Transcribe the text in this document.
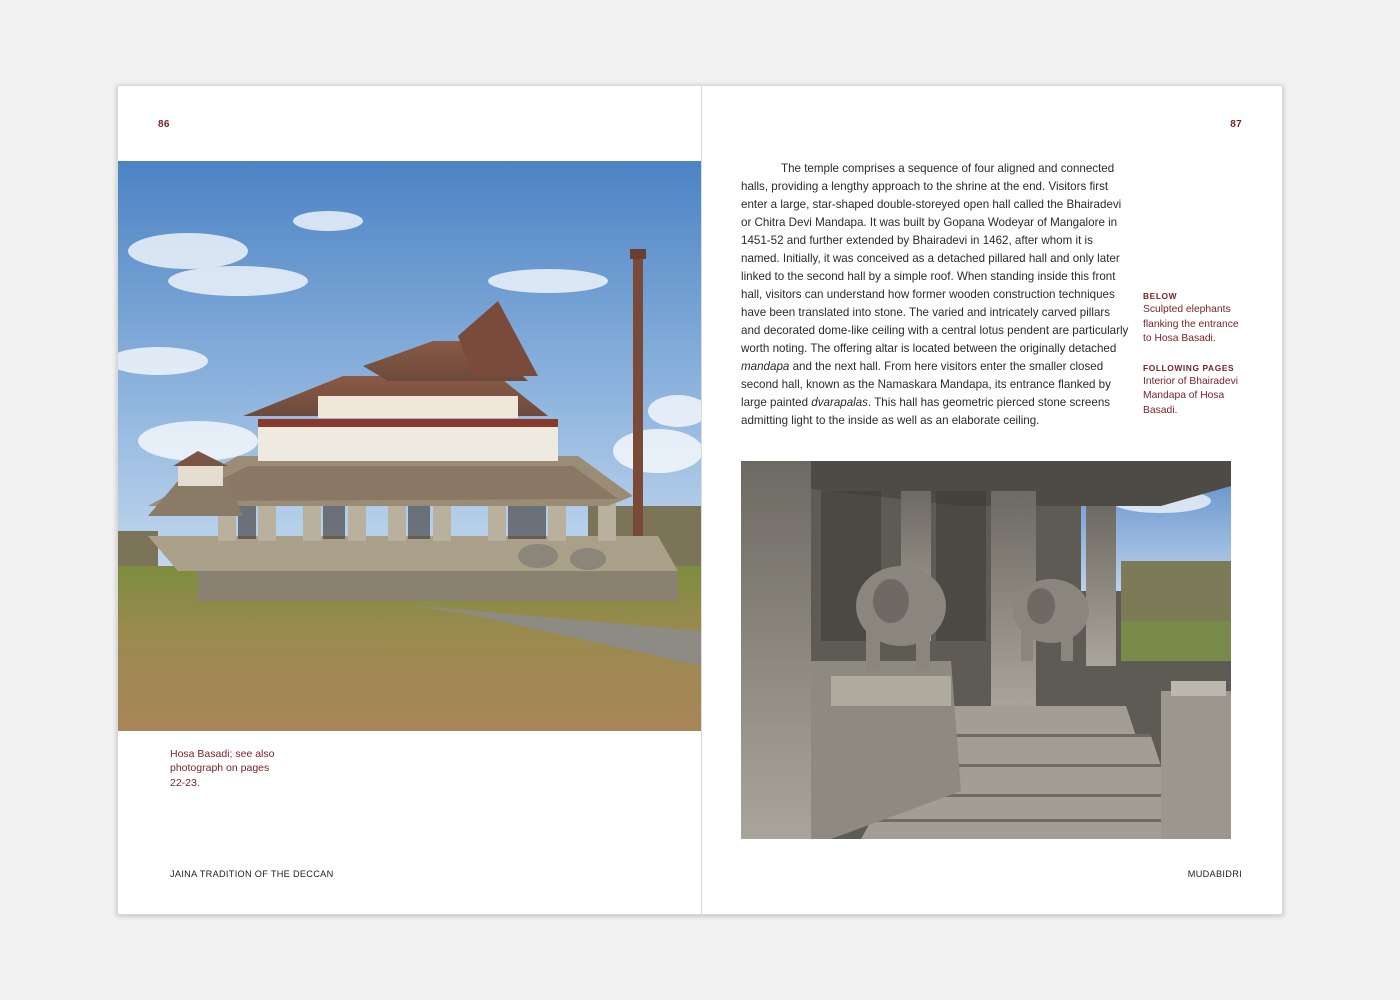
86

Hosa Basadi; see also photograph on pages 22-23.

JAINA TRADITION OF THE DECCAN
87

The temple comprises a sequence of four aligned and connected halls, providing a lengthy approach to the shrine at the end. Visitors first enter a large, star-shaped double-storeyed open hall called the Bhairadevi or Chitra Devi Mandapa. It was built by Gopana Wodeyar of Mangalore in 1451-52 and further extended by Bhairadevi in 1462, after whom it is named. Initially, it was conceived as a detached pillared hall and only later linked to the second hall by a simple roof. When standing inside this front hall, visitors can understand how former wooden construction techniques have been translated into stone. The varied and intricately carved pillars and decorated dome-like ceiling with a central lotus pendent are particularly worth noting. The offering altar is located between the originally detached mandapa and the next hall. From here visitors enter the smaller closed second hall, known as the Namaskara Mandapa, its entrance flanked by large painted dvarapalas. This hall has geometric pierced stone screens admitting light to the inside as well as an elaborate ceiling.

BELOW
Sculpted elephants flanking the entrance to Hosa Basadi.
FOLLOWING PAGES
Interior of Bhairadevi Mandapa of Hosa Basadi.
MUDABIDRI
